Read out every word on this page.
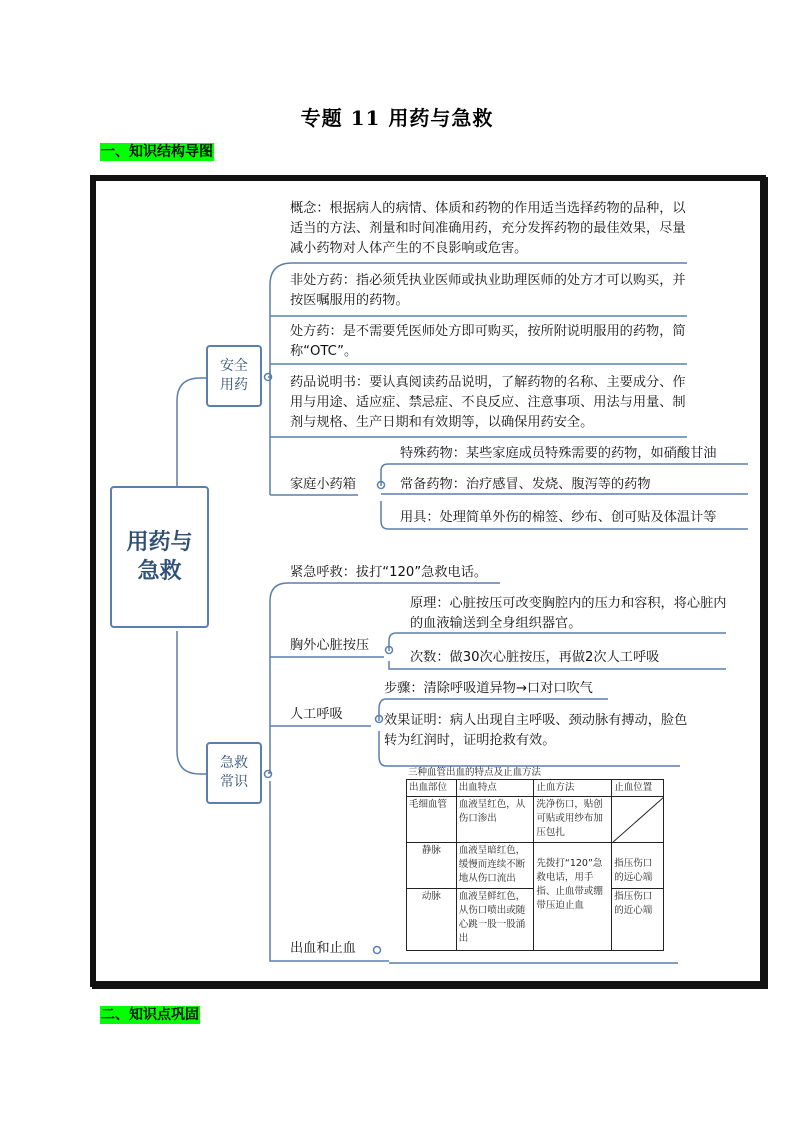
专题 11 用药与急救
一、知识结构导图
用药与急救
安全用药
概念：根据病人的病情、体质和药物的作用适当选择药物的品种，以适当的方法、剂量和时间准确用药，充分发挥药物的最佳效果，尽量减小药物对人体产生的不良影响或危害。
非处方药：指必须凭执业医师或执业助理医师的处方才可以购买，并按医嘱服用的药物。
处方药：是不需要凭医师处方即可购买，按所附说明服用的药物，简称“OTC”。
药品说明书：要认真阅读药品说明，了解药物的名称、主要成分、作用与用途、适应症、禁忌症、不良反应、注意事项、用法与用量、制剂与规格、生产日期和有效期等，以确保用药安全。
家庭小药箱
特殊药物：某些家庭成员特殊需要的药物，如硝酸甘油
常备药物：治疗感冒、发烧、腹泻等的药物
用具：处理简单外伤的棉签、纱布、创可贴及体温计等
急救常识
紧急呼救：拔打“120”急救电话。
胸外心脏按压
原理：心脏按压可改变胸腔内的压力和容积，将心脏内的血液输送到全身组织器官。
次数：做30次心脏按压，再做2次人工呼吸
人工呼吸
步骤：清除呼吸道异物→口对口吹气
效果证明：病人出现自主呼吸、颈动脉有搏动，脸色转为红润时，证明抢救有效。
出血和止血
三种血管出血的特点及止血方法
出血部位	出血特点	止血方法	止血位置
毛细血管	血液呈红色，从伤口渗出	洗净伤口，贴创可贴或用纱布加压包扎	

静脉	血液呈暗红色，缓慢而连续不断地从伤口流出	先拨打“120”急救电话，用手指、止血带或绷带压迫止血	指压伤口的远心端
动脉	血液呈鲜红色，从伤口喷出或随心跳一股一股涌出		指压伤口的近心端
二、知识点巩固
